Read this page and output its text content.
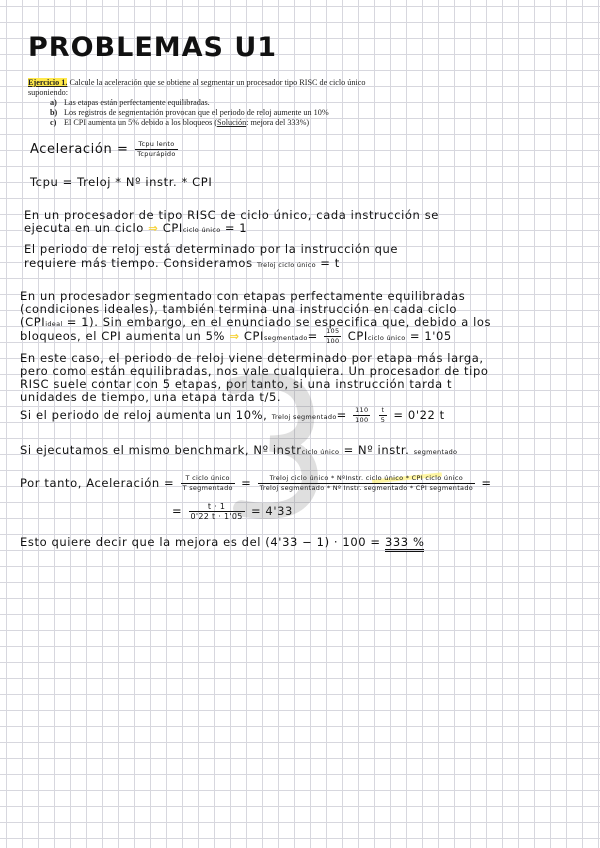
PROBLEMAS U1
Ejercicio 1. Calcule la aceleración que se obtiene al segmentar un procesador tipo RISC de ciclo único
suponiendo:
a) Las etapas están perfectamente equilibradas.
b) Los registros de segmentación provocan que el periodo de reloj aumente un 10%
c) El CPI aumenta un 5% debido a los bloqueos (Solución: mejora del 333%)
Aceleración = $\frac{\text{Tcpu lento}}{\text{Tcpurápido}}$
Tcpu = Treloj * Nº instr. * CPI
En un procesador de tipo RISC de ciclo único, cada instrucción se
ejecuta en un ciclo ⇒ CPIciclo único = 1
El periodo de reloj está determinado por la instrucción que
requiere más tiempo. Consideramos Treloj ciclo único = t
En un procesador segmentado con etapas perfectamente equilibradas
(condiciones ideales), también termina una instrucción en cada ciclo
(CPIideal = 1). Sin embargo, en el enunciado se especifica que, debido a los
bloqueos, el CPI aumenta un 5% ⇒ CPIsegmentado= $\frac{105}{100}$ CPIciclo único = 1'05
En este caso, el periodo de reloj viene determinado por etapa más larga,
pero como están equilibradas, nos vale cualquiera. Un procesador de tipo
RISC suele contar con 5 etapas, por tanto, si una instrucción tarda t
unidades de tiempo, una etapa tarda t/5.
Si el periodo de reloj aumenta un 10%, Treloj segmentado= $\frac{110}{100}$
$\frac{t}{5} = 0'22$ t
Si ejecutamos el mismo benchmark, Nº instrciclo único = Nº instr. segmentado
Por tanto, Aceleración = $\frac{\text{T ciclo único}}{\text{T segmentado}} = \frac{\text{Treloj ciclo único * NºInstr. ciclo único * CPI ciclo único}}{\text{Treloj segmentado * Nº Instr. segmentado * CPI segmentado}}$ =
= $\frac{t \cdot 1}{0'22 t \cdot 1'05} = 4'33$
Esto quiere decir que la mejora es del (4'33 − 1) · 100 = 333 %
